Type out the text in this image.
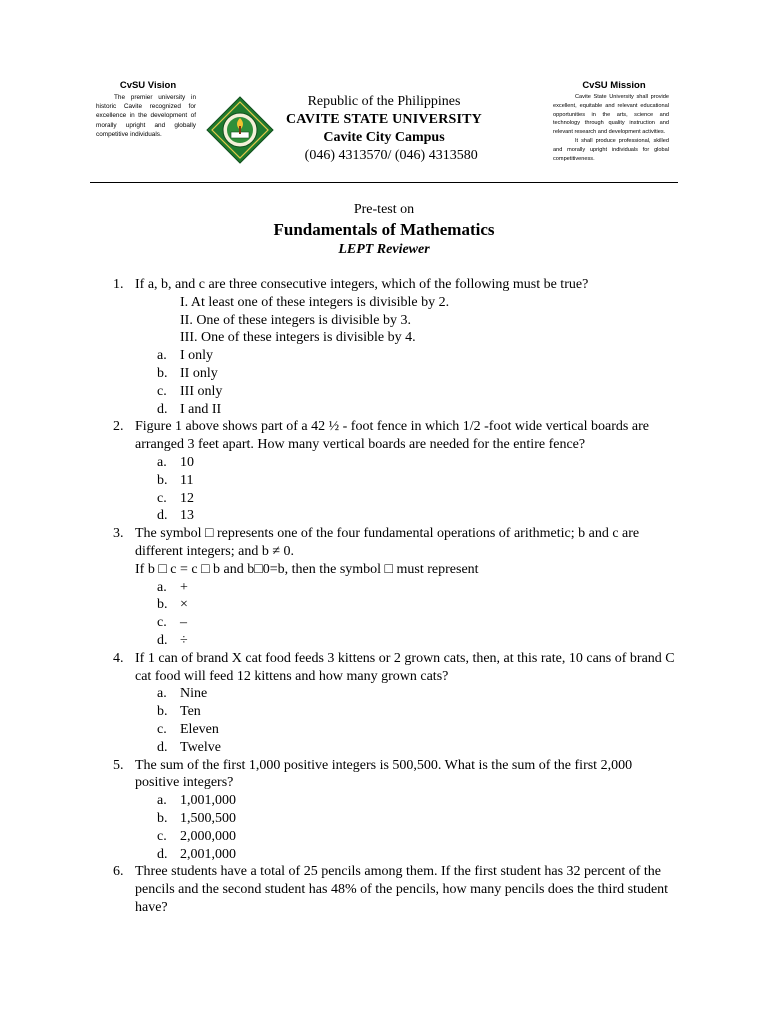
CvSU Vision
The premier university in historic Cavite recognized for excellence in the development of morally upright and globally competitive individuals.
Republic of the Philippines
CAVITE STATE UNIVERSITY
Cavite City Campus
  (046) 4313570/ (046) 4313580
CvSU Mission
Cavite State University shall provide excellent, equitable and relevant educational opportunities in the arts, science and technology through quality instruction and relevant research and development activities.
It shall produce professional, skilled and morally upright individuals for global competitiveness.
Pre-test on
Fundamentals of Mathematics
LEPT Reviewer
1. If a, b, and c are three consecutive integers, which of the following must be true?
I. At least one of these integers is divisible by 2.
II. One of these integers is divisible by 3.
III. One of these integers is divisible by 4.
a. I only
b. II only
c. III only
d. I and II
2. Figure 1 above shows part of a 42 ½ - foot fence in which 1/2 -foot wide vertical boards are arranged 3 feet apart. How many vertical boards are needed for the entire fence?
a. 10
b. 11
c. 12
d. 13
3. The symbol □ represents one of the four fundamental operations of arithmetic; b and c are different integers; and b ≠ 0.
If b □ c = c □ b and b□0=b, then the symbol □ must represent
a. +
b. ×
c. –
d. ÷
4. If 1 can of brand X cat food feeds 3 kittens or 2 grown cats, then, at this rate, 10 cans of brand C cat food will feed 12 kittens and how many grown cats?
a. Nine
b. Ten
c. Eleven
d. Twelve
5. The sum of the first 1,000 positive integers is 500,500. What is the sum of the first 2,000 positive integers?
a. 1,001,000
b. 1,500,500
c. 2,000,000
d. 2,001,000
6. Three students have a total of 25 pencils among them. If the first student has 32 percent of the pencils and the second student has 48% of the pencils, how many pencils does the third student have?
